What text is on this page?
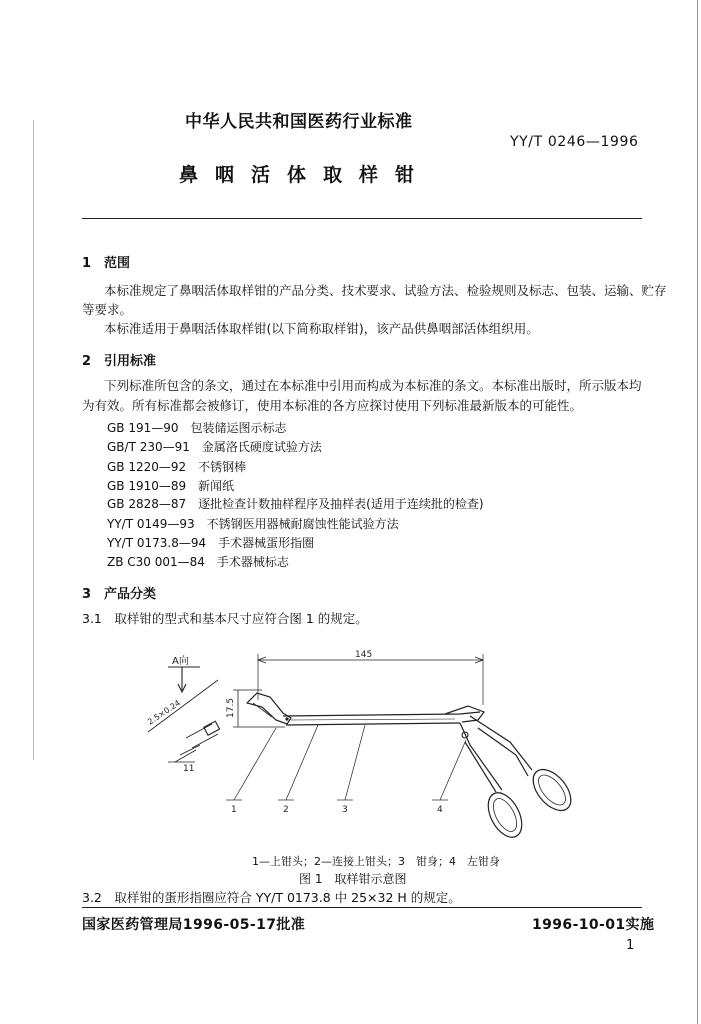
中华人民共和国医药行业标准
YY/T 0246—1996
鼻咽活体取样钳
1 范围
本标准规定了鼻咽活体取样钳的产品分类、技术要求、试验方法、检验规则及标志、包装、运输、贮存
等要求。
本标准适用于鼻咽活体取样钳(以下简称取样钳)，该产品供鼻咽部活体组织用。
2 引用标准
下列标准所包含的条文，通过在本标准中引用而构成为本标准的条文。本标准出版时，所示版本均
为有效。所有标准都会被修订，使用本标准的各方应探讨使用下列标准最新版本的可能性。
GB 191—90　包装储运图示标志
GB/T 230—91　金属洛氏硬度试验方法
GB 1220—92　不锈钢棒
GB 1910—89　新闻纸
GB 2828—87　逐批检查计数抽样程序及抽样表(适用于连续批的检查)
YY/T 0149—93　不锈钢医用器械耐腐蚀性能试验方法
YY/T 0173.8—94　手术器械蛋形指圈
ZB C30 001—84　手术器械标志
3 产品分类
3.1　取样钳的型式和基本尺寸应符合图 1 的规定。
A向
145
17.5
2.5×0.24
11
1	2	3	4
1—上钳头；2—连接上钳头；3　钳身；4　左钳身
图 1　取样钳示意图
3.2　取样钳的蛋形指圈应符合 YY/T 0173.8 中 25×32 H 的规定。
国家医药管理局1996-05-17批准	1996-10-01实施
1
